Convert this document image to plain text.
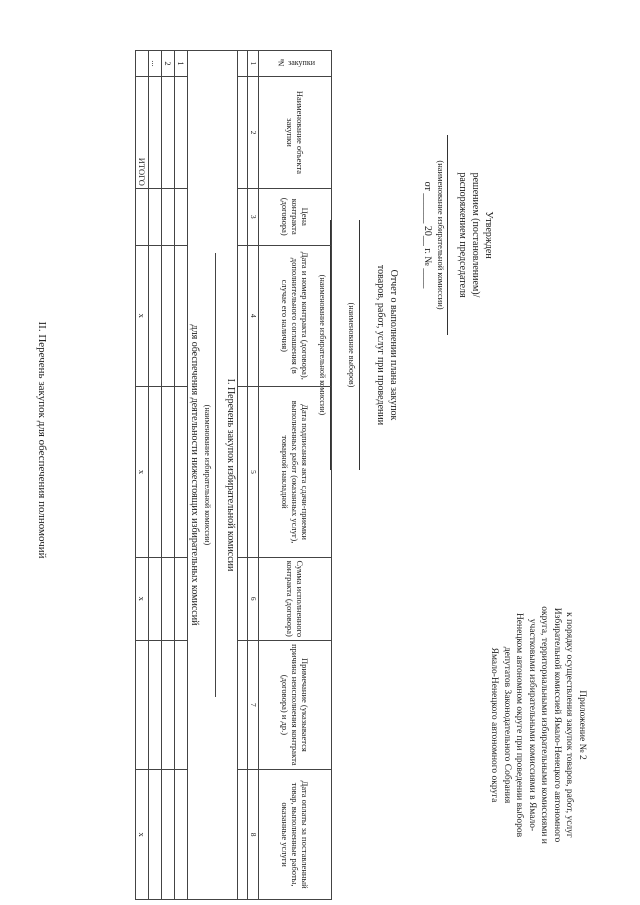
Приложение № 2
к порядку осуществления закупок товаров, работ, услуг
Избирательной комиссией Ямало-Ненецкого автономного
округа, территориальными избирательными комиссиями и
участковыми избирательными комиссиями в Ямало-
Ненецком автономном округе при проведении выборов
депутатов Законодательного Собрания
Ямало-Ненецкого автономного округа
Утвержден
решением (постановлением)/
распоряжением председателя
(наименование избирательной комиссии)
от ______ 20__ г. № ____
Отчет о выполнении плана закупок
товаров, работ, услуг при проведении
(наименование выборов)
(наименование избирательной комиссии)
№ закупки	Наименование объекта закупки	Цена контракта (договора)	Дата и номер контракта (договора), дополнительного соглашения (в случае его наличия)	Дата подписания акта сдачи-приемки выполненных работ (оказанных услуг), товарной накладной	Сумма исполненного контракта (договора)	Примечание (указывается причина неисполнения контракта (договора) и др.)	Дата оплаты за поставленный товар, выполненные работы, оказанные услуги
1	2	3	4	5	6	7	8

I. Перечень закупок избирательной комиссии
(наименование избирательной комиссии)
для обеспечения деятельности нижестоящих избирательных комиссий							

1							
2							
...							
	ИТОГО		х	х	х		х
II. Перечень закупок для обеспечения полномочий
